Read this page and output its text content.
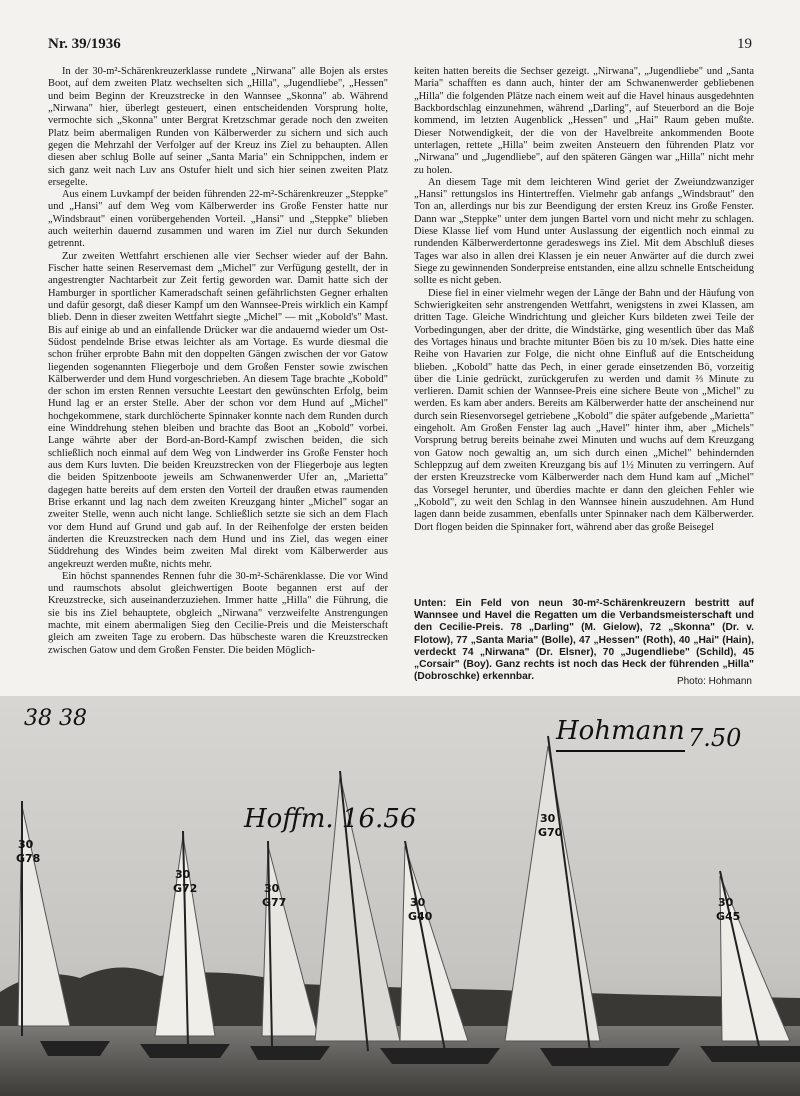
Nr. 39/1936	19

In der 30-m²-Schärenkreuzerklasse rundete „Nirwana" alle Bojen als erstes Boot, auf dem zweiten Platz wechselten sich „Hilla", „Jugendliebe", „Hessen" und beim Beginn der Kreuzstrecke in den Wannsee „Skonna" ab. Während „Nirwana" hier, überlegt gesteuert, einen entscheidenden Vorsprung holte, vermochte sich „Skonna" unter Bergrat Kretzschmar gerade noch den zweiten Platz beim abermaligen Runden von Kälberwerder zu sichern und sich auch gegen die Mehrzahl der Verfolger auf der Kreuz ins Ziel zu behaupten. Allen diesen aber schlug Bolle auf seiner „Santa Maria" ein Schnippchen, indem er sich ganz weit nach Luv ans Ostufer hielt und sich hier seinen zweiten Platz ersegelte.

Aus einem Luvkampf der beiden führenden 22-m²-Schärenkreuzer „Steppke" und „Hansi" auf dem Weg vom Kälberwerder ins Große Fenster hatte nur „Windsbraut" einen vorübergehenden Vorteil. „Hansi" und „Steppke" blieben auch weiterhin dauernd zusammen und waren im Ziel nur durch Sekunden getrennt.

Zur zweiten Wettfahrt erschienen alle vier Sechser wieder auf der Bahn. Fischer hatte seinen Reservemast dem „Michel" zur Verfügung gestellt, der in angestrengter Nachtarbeit zur Zeit fertig geworden war. Damit hatte sich der Hamburger in sportlicher Kameradschaft seinen gefährlichsten Gegner erhalten und dafür gesorgt, daß dieser Kampf um den Wannsee-Preis wirklich ein Kampf blieb. Denn in dieser zweiten Wettfahrt siegte „Michel" — mit „Kobold's" Mast. Bis auf einige ab und an einfallende Drücker war die andauernd wieder um Ost-Südost pendelnde Brise etwas leichter als am Vortage. Es wurde diesmal die schon früher erprobte Bahn mit den doppelten Gängen zwischen der vor Gatow liegenden sogenannten Fliegerboje und dem Großen Fenster sowie zwischen Kälberwerder und dem Hund vorgeschrieben. An diesem Tage brachte „Kobold" der schon im ersten Rennen versuchte Leestart den gewünschten Erfolg, beim Hund lag er an erster Stelle. Aber der schon vor dem Hund auf „Michel" hochgekommene, stark durchlöcherte Spinnaker konnte nach dem Runden durch eine Winddrehung stehen bleiben und brachte das Boot an „Kobold" vorbei. Lange währte aber der Bord-an-Bord-Kampf zwischen beiden, die sich schließlich noch einmal auf dem Weg von Lindwerder ins Große Fenster hoch aus dem Kurs luvten. Die beiden Kreuzstrecken von der Fliegerboje aus legten die beiden Spitzenboote jeweils am Schwanenwerder Ufer an, „Marietta" dagegen hatte bereits auf dem ersten den Vorteil der draußen etwas raumenden Brise erkannt und lag nach dem zweiten Kreuzgang hinter „Michel" sogar an zweiter Stelle, wenn auch nicht lange. Schließlich setzte sie sich an dem Flach vor dem Hund auf Grund und gab auf. In der Reihenfolge der ersten beiden änderten die Kreuzstrecken nach dem Hund und ins Ziel, das wegen einer Süddrehung des Windes beim zweiten Mal direkt vom Kälberwerder aus angekreuzt werden mußte, nichts mehr.

Ein höchst spannendes Rennen fuhr die 30-m²-Schärenklasse. Die vor Wind und raumschots absolut gleichwertigen Boote begannen erst auf der Kreuzstrecke, sich auseinanderzuziehen. Immer hatte „Hilla" die Führung, die sie bis ins Ziel behauptete, obgleich „Nirwana" verzweifelte Anstrengungen machte, mit einem abermaligen Sieg den Cecilie-Preis und die Meisterschaft gleich am zweiten Tage zu erobern. Das hübscheste waren die Kreuzstrecken zwischen Gatow und dem Großen Fenster. Die beiden Möglich-

keiten hatten bereits die Sechser gezeigt. „Nirwana", „Jugendliebe" und „Santa Maria" schafften es dann auch, hinter der am Schwanenwerder gebliebenen „Hilla" die folgenden Plätze nach einem weit auf die Havel hinaus ausgedehnten Backbordschlag einzunehmen, während „Darling", auf Steuerbord an die Boje kommend, im letzten Augenblick „Hessen" und „Hai" Raum geben mußte. Dieser Notwendigkeit, der die von der Havelbreite ankommenden Boote unterlagen, rettete „Hilla" beim zweiten Ansteuern den führenden Platz vor „Nirwana" und „Jugendliebe", auf den späteren Gängen war „Hilla" nicht mehr zu holen.

An diesem Tage mit dem leichteren Wind geriet der Zweiundzwanziger „Hansi" rettungslos ins Hintertreffen. Vielmehr gab anfangs „Windsbraut" den Ton an, allerdings nur bis zur Beendigung der ersten Kreuz ins Große Fenster. Dann war „Steppke" unter dem jungen Bartel vorn und nicht mehr zu schlagen. Diese Klasse lief vom Hund unter Auslassung der eigentlich noch einmal zu rundenden Kälberwerdertonne geradeswegs ins Ziel. Mit dem Abschluß dieses Tages war also in allen drei Klassen je ein neuer Anwärter auf die durch zwei Siege zu gewinnenden Sonderpreise entstanden, eine allzu schnelle Entscheidung sollte es nicht geben.

Diese fiel in einer vielmehr wegen der Länge der Bahn und der Häufung von Schwierigkeiten sehr anstrengenden Wettfahrt, wenigstens in zwei Klassen, am dritten Tage. Gleiche Windrichtung und gleicher Kurs bildeten zwei Teile der Vorbedingungen, aber der dritte, die Windstärke, ging wesentlich über das Maß des Vortages hinaus und brachte mitunter Böen bis zu 10 m/sek. Dies hatte eine Reihe von Havarien zur Folge, die nicht ohne Einfluß auf die Entscheidung blieben. „Kobold" hatte das Pech, in einer gerade einsetzenden Bö, vorzeitig über die Linie gedrückt, zurückgerufen zu werden und damit ⅔ Minute zu verlieren. Damit schien der Wannsee-Preis eine sichere Beute von „Michel" zu werden. Es kam aber anders. Bereits am Kälberwerder hatte der anscheinend nur durch sein Riesenvorsegel getriebene „Kobold" die später aufgebende „Marietta" eingeholt. Am Großen Fenster lag auch „Havel" hinter ihm, aber „Michels" Vorsprung betrug bereits beinahe zwei Minuten und wuchs auf dem Kreuzgang von Gatow noch gewaltig an, um sich durch einen „Michel" behindernden Schleppzug auf dem zweiten Kreuzgang bis auf 1½ Minuten zu verringern. Auf der ersten Kreuzstrecke vom Kälberwerder nach dem Hund kam auf „Michel" das Vorsegel herunter, und überdies machte er dann den gleichen Fehler wie „Kobold", zu weit den Schlag in den Wannsee hinein auszudehnen. Am Hund lagen dann beide zusammen, ebenfalls unter Spinnaker nach dem Kälberwerder. Dort flogen beiden die Spinnaker fort, während aber das große Beisegel

Unten: Ein Feld von neun 30-m²-Schärenkreuzern bestritt auf Wannsee und Havel die Regatten um die Verbandsmeisterschaft und den Cecilie-Preis. 78 „Darling" (M. Gielow), 72 „Skonna" (Dr. v. Flotow), 77 „Santa Maria" (Bolle), 47 „Hessen" (Roth), 40 „Hai" (Hain), verdeckt 74 „Nirwana" (Dr. Elsner), 70 „Jugendliebe" (Schild), 45 „Corsair" (Boy). Ganz rechts ist noch das Heck der führenden „Hilla" (Dobroschke) erkennbar.	Photo: Hohmann
30
G78
30
G72	30
G77	30
G40
30
G70
30
G45
38 38
Hoffm. 16.56
Hohmann 7.50
